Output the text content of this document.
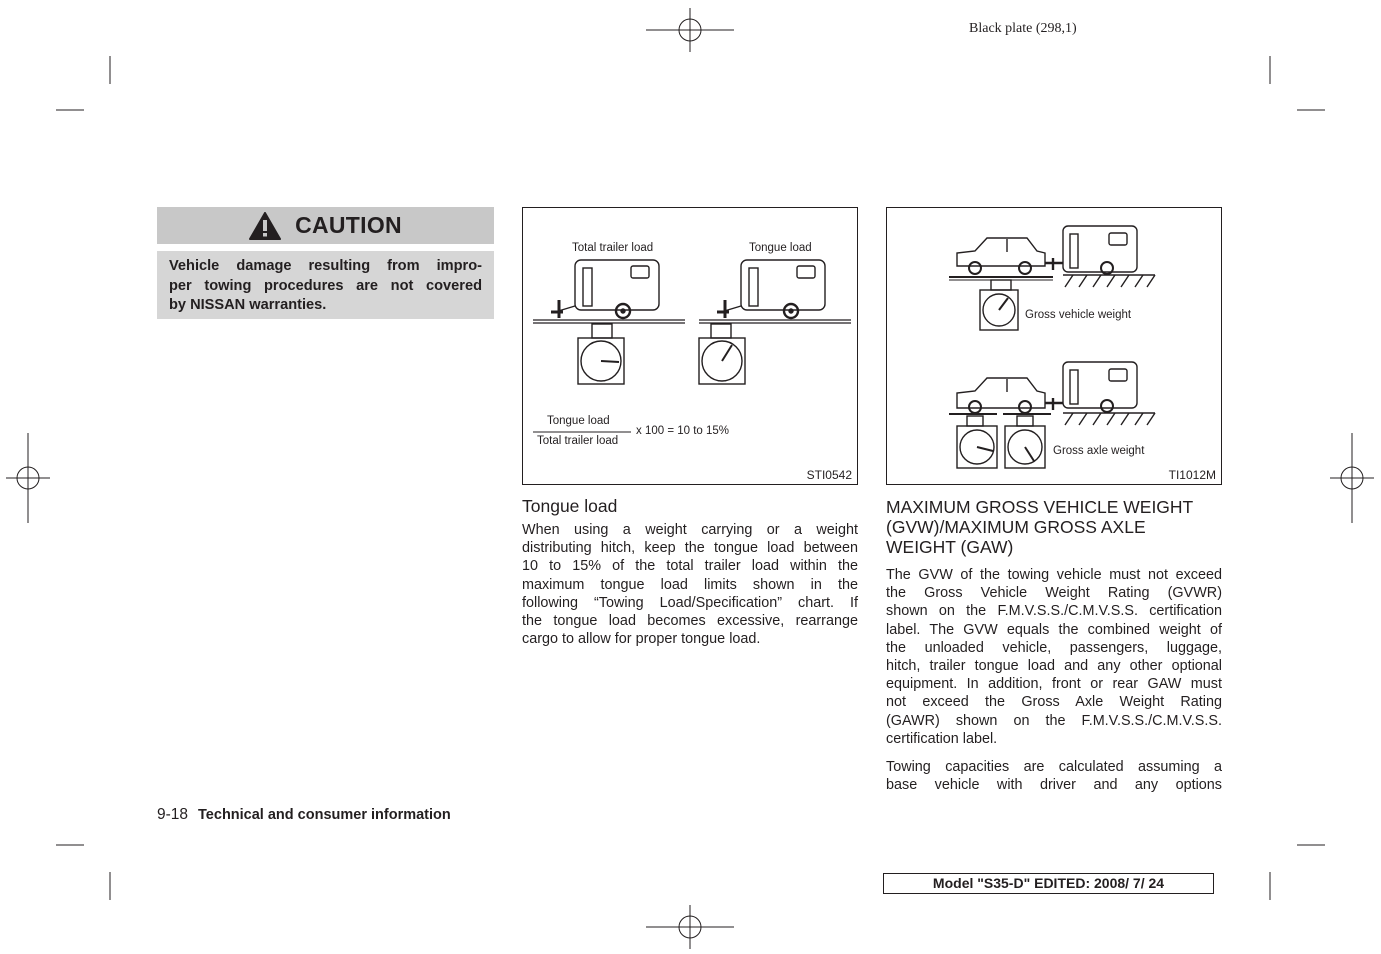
Black plate (298,1)
CAUTION
Vehicle damage resulting from impro-
per towing procedures are not covered
by NISSAN warranties.
Total trailer load	Tongue load
Tongue load
Total trailer load
x 100 = 10 to 15%
STI0542
Gross vehicle weight
Gross axle weight
TI1012M
Tongue load
When using a weight carrying or a weight
distributing hitch, keep the tongue load between
10 to 15% of the total trailer load within the
maximum tongue load limits shown in the
following “Towing Load/Specification” chart. If
the tongue load becomes excessive, rearrange
cargo to allow for proper tongue load.
MAXIMUM GROSS VEHICLE WEIGHT
(GVW)/MAXIMUM GROSS AXLE
WEIGHT (GAW)
The GVW of the towing vehicle must not exceed
the Gross Vehicle Weight Rating (GVWR)
shown on the F.M.V.S.S./C.M.V.S.S. certification
label. The GVW equals the combined weight of
the unloaded vehicle, passengers, luggage,
hitch, trailer tongue load and any other optional
equipment. In addition, front or rear GAW must
not exceed the Gross Axle Weight Rating
(GAWR) shown on the F.M.V.S.S./C.M.V.S.S.
certification label.
Towing capacities are calculated assuming a
base vehicle with driver and any options
9-18 Technical and consumer information
Model "S35-D" EDITED: 2008/ 7/ 24
